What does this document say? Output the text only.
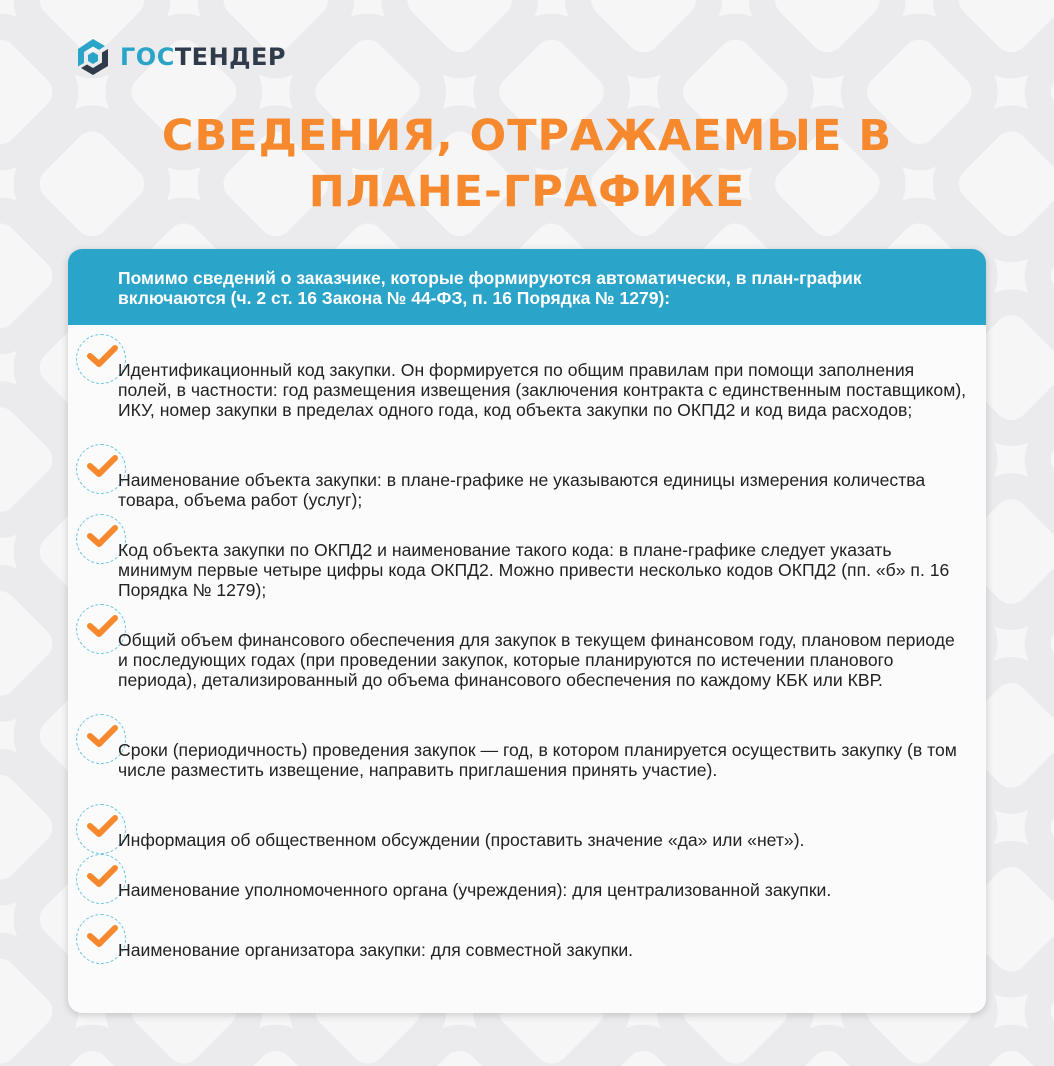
ГОСТЕНДЕР
СВЕДЕНИЯ, ОТРАЖАЕМЫЕ В
ПЛАНЕ-ГРАФИКЕ
Помимо сведений о заказчике, которые формируются автоматически, в план-график включаются (ч. 2 ст. 16 Закона № 44-ФЗ, п. 16 Порядка № 1279):

Идентификационный код закупки. Он формируется по общим правилам при помощи заполнения полей, в частности: год размещения извещения (заключения контракта с единственным поставщиком), ИКУ, номер закупки в пределах одного года, код объекта закупки по ОКПД2 и код вида расходов;

Наименование объекта закупки: в плане-графике не указываются единицы измерения количества товара, объема работ (услуг);

Код объекта закупки по ОКПД2 и наименование такого кода: в плане-графике следует указать минимум первые четыре цифры кода ОКПД2. Можно привести несколько кодов ОКПД2 (пп. «б» п. 16 Порядка № 1279);

Общий объем финансового обеспечения для закупок в текущем финансовом году, плановом периоде и последующих годах (при проведении закупок, которые планируются по истечении планового периода), детализированный до объема финансового обеспечения по каждому КБК или КВР.

Сроки (периодичность) проведения закупок — год, в котором планируется осуществить закупку (в том числе разместить извещение, направить приглашения принять участие).

Информация об общественном обсуждении (проставить значение «да» или «нет»).

Наименование уполномоченного органа (учреждения): для централизованной закупки.

Наименование организатора закупки: для совместной закупки.
